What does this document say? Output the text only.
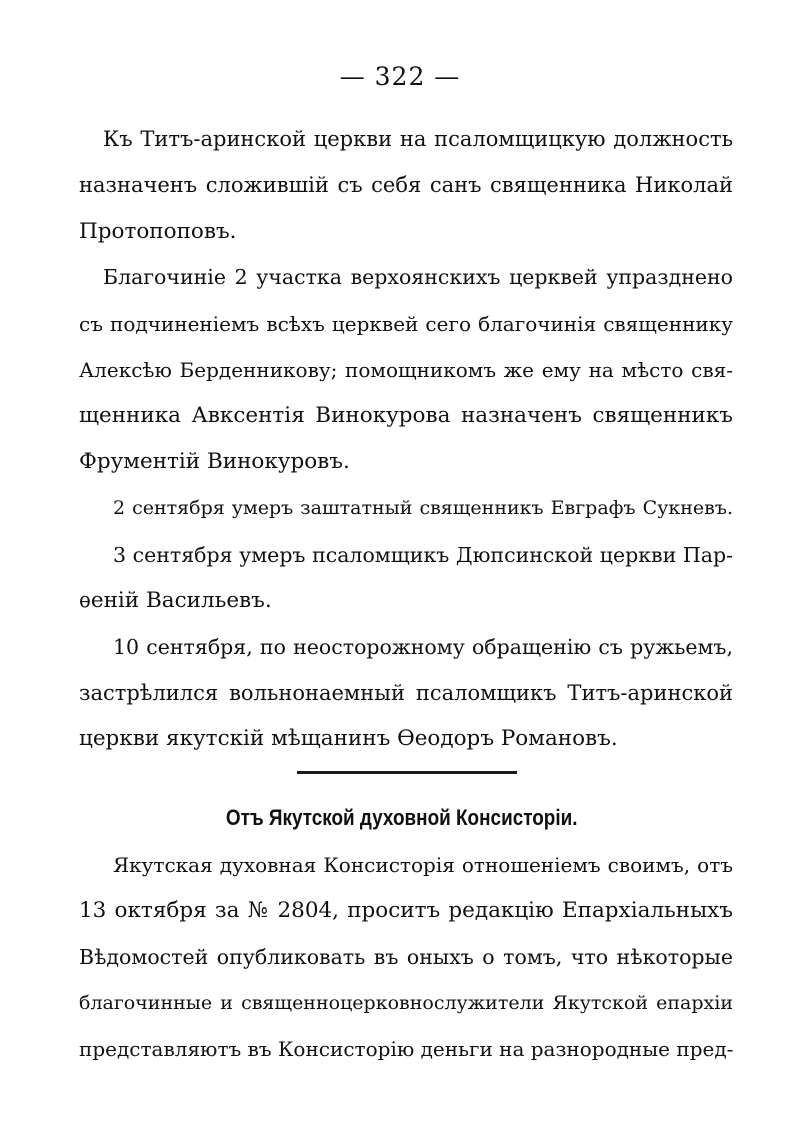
— 322 —
Къ Титъ-аринской церкви на псаломщицкую должность
назначенъ сложившій съ себя санъ священника Николай
Протопоповъ.
Благочиніе 2 участка верхоянскихъ церквей упразднено
съ подчиненіемъ всѣхъ церквей сего благочинія священнику
Алексѣю Берденникову; помощникомъ же ему на мѣсто свя-
щенника Авксентія Винокурова назначенъ священникъ
Фрументій Винокуровъ.
2 сентября умеръ заштатный священникъ Евграфъ Сукневъ.
3 сентября умеръ псаломщикъ Дюпсинской церкви Пар-
ѳеній Васильевъ.
10 сентября, по неосторожному обращенію съ ружьемъ,
застрѣлился вольнонаемный псаломщикъ Титъ-аринской
церкви якутскій мѣщанинъ Ѳеодоръ Романовъ.
Отъ Якутской духовной Консисторіи.
Якутская духовная Консисторія отношеніемъ своимъ, отъ
13 октября за № 2804, проситъ редакцію Епархіальныхъ
Вѣдомостей опубликовать въ оныхъ о томъ, что нѣкоторые
благочинные и священноцерковнослужители Якутской епархіи
представляютъ въ Консисторію деньги на разнородные пред-
